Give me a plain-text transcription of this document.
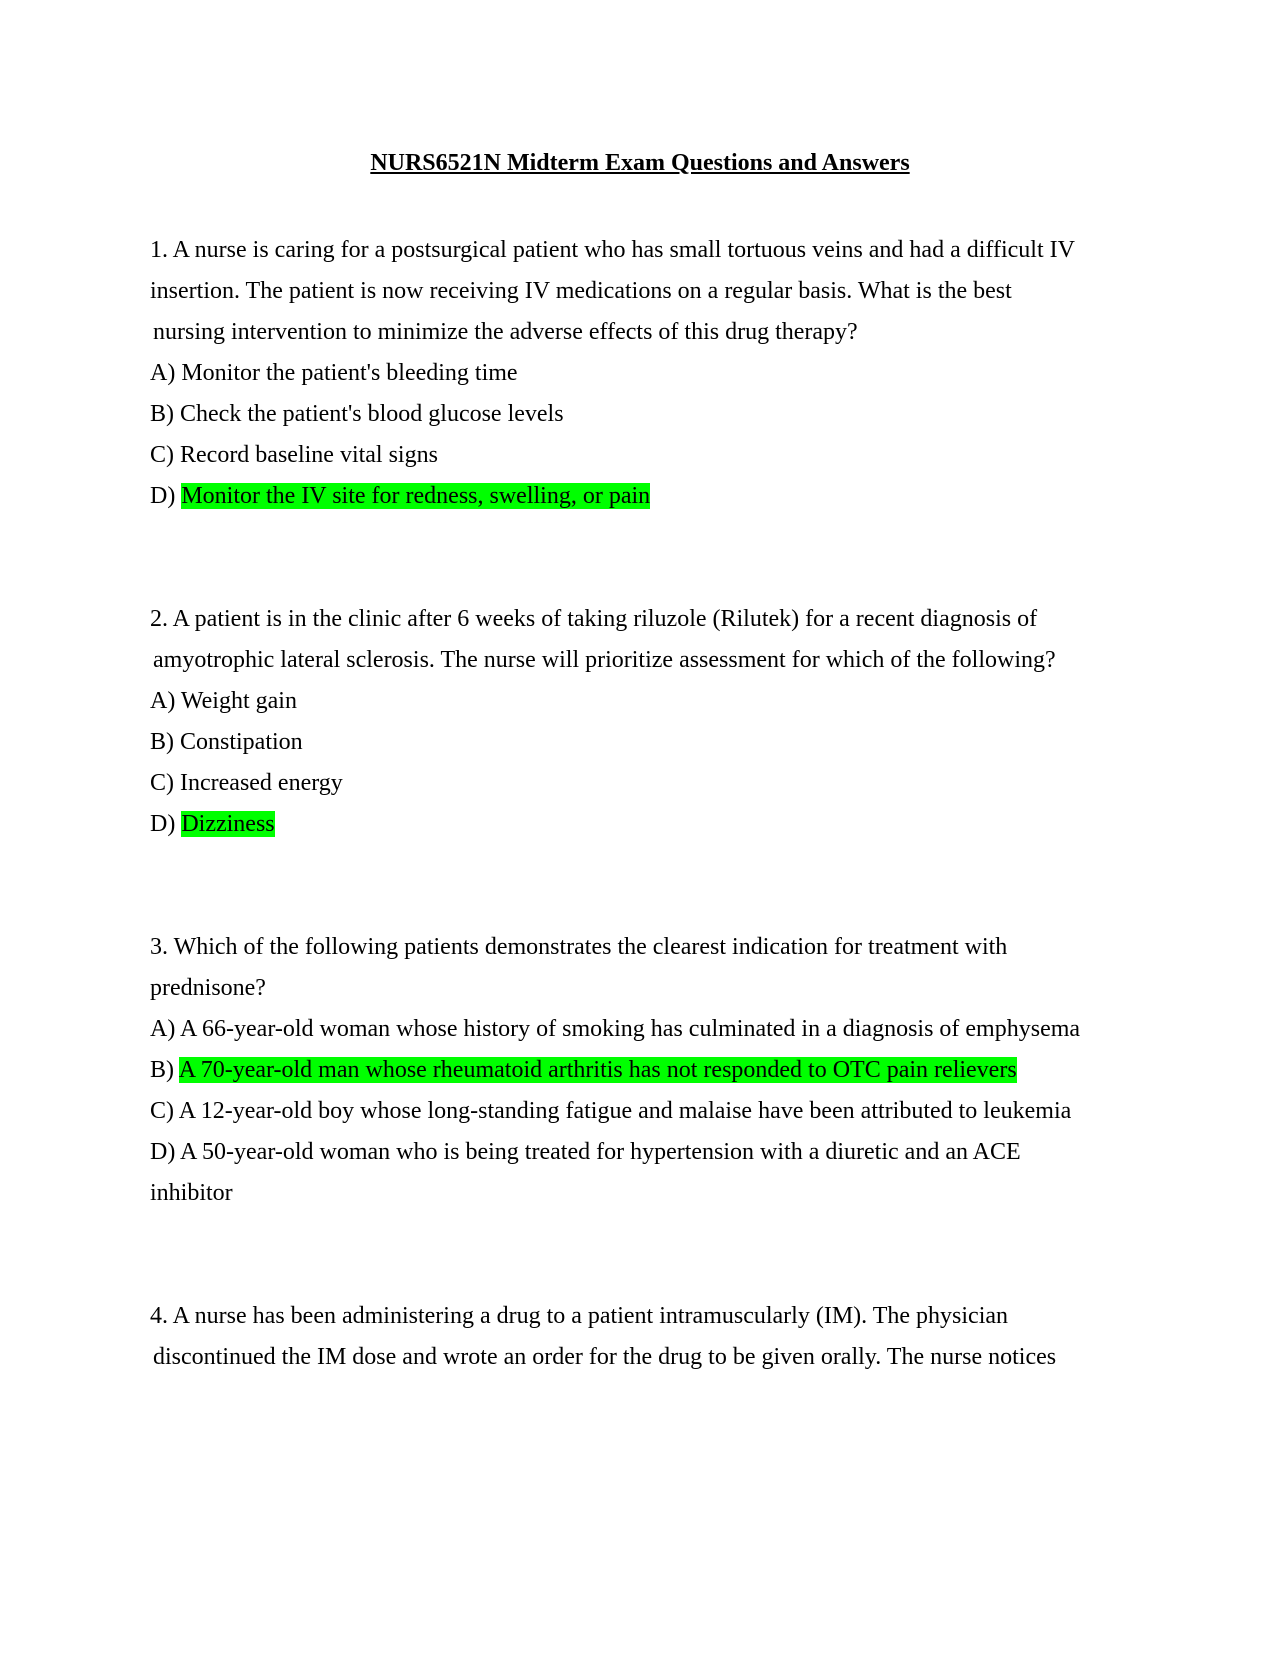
NURS6521N Midterm Exam Questions and Answers
1. A nurse is caring for a postsurgical patient who has small tortuous veins and had a difficult IV
insertion. The patient is now receiving IV medications on a regular basis. What is the best
nursing intervention to minimize the adverse effects of this drug therapy?
A) Monitor the patient's bleeding time
B) Check the patient's blood glucose levels
C) Record baseline vital signs
D) Monitor the IV site for redness, swelling, or pain
2. A patient is in the clinic after 6 weeks of taking riluzole (Rilutek) for a recent diagnosis of
amyotrophic lateral sclerosis. The nurse will prioritize assessment for which of the following?
A) Weight gain
B) Constipation
C) Increased energy
D) Dizziness
3. Which of the following patients demonstrates the clearest indication for treatment with
prednisone?
A) A 66-year-old woman whose history of smoking has culminated in a diagnosis of emphysema
B) A 70-year-old man whose rheumatoid arthritis has not responded to OTC pain relievers
C) A 12-year-old boy whose long-standing fatigue and malaise have been attributed to leukemia
D) A 50-year-old woman who is being treated for hypertension with a diuretic and an ACE
inhibitor
4. A nurse has been administering a drug to a patient intramuscularly (IM). The physician
discontinued the IM dose and wrote an order for the drug to be given orally. The nurse notices
